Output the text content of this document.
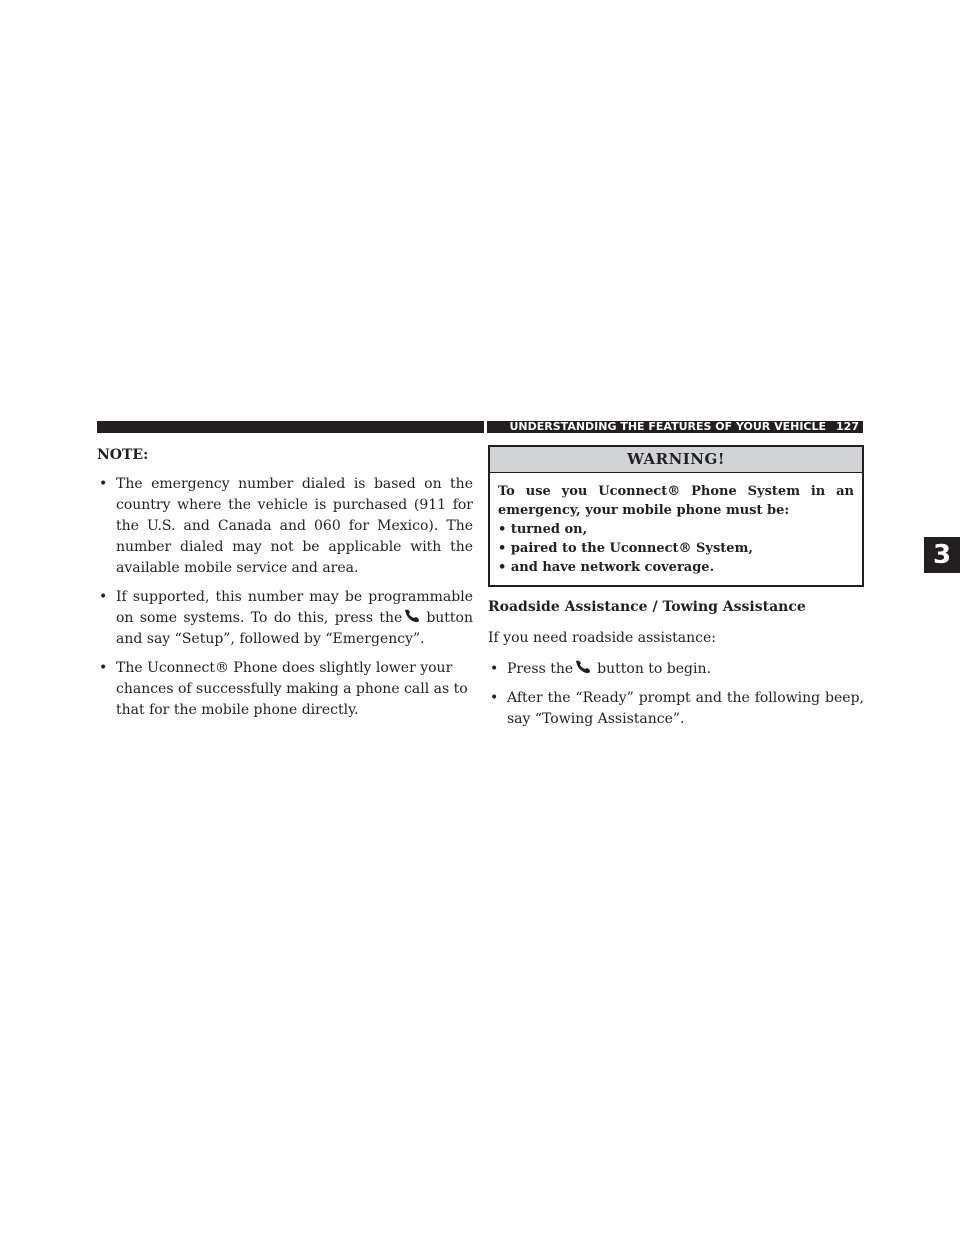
UNDERSTANDING THE FEATURES OF YOUR VEHICLE 127
3

NOTE:

• The emergency number dialed is based on the country where the vehicle is purchased (911 for the U.S. and Canada and 060 for Mexico). The number dialed may not be applicable with the available mobile service and area.
• If supported, this number may be programmable on some systems. To do this, press the button and say “Setup”, followed by “Emergency”.
• The Uconnect® Phone does slightly lower your chances of successfully making a phone call as to that for the mobile phone directly.
WARNING!

To use you Uconnect® Phone System in an emergency, your mobile phone must be:

• turned on,

• paired to the Uconnect® System,

• and have network coverage.

Roadside Assistance / Towing Assistance

If you need roadside assistance:

• Press the button to begin.
• After the “Ready” prompt and the following beep, say “Towing Assistance”.
